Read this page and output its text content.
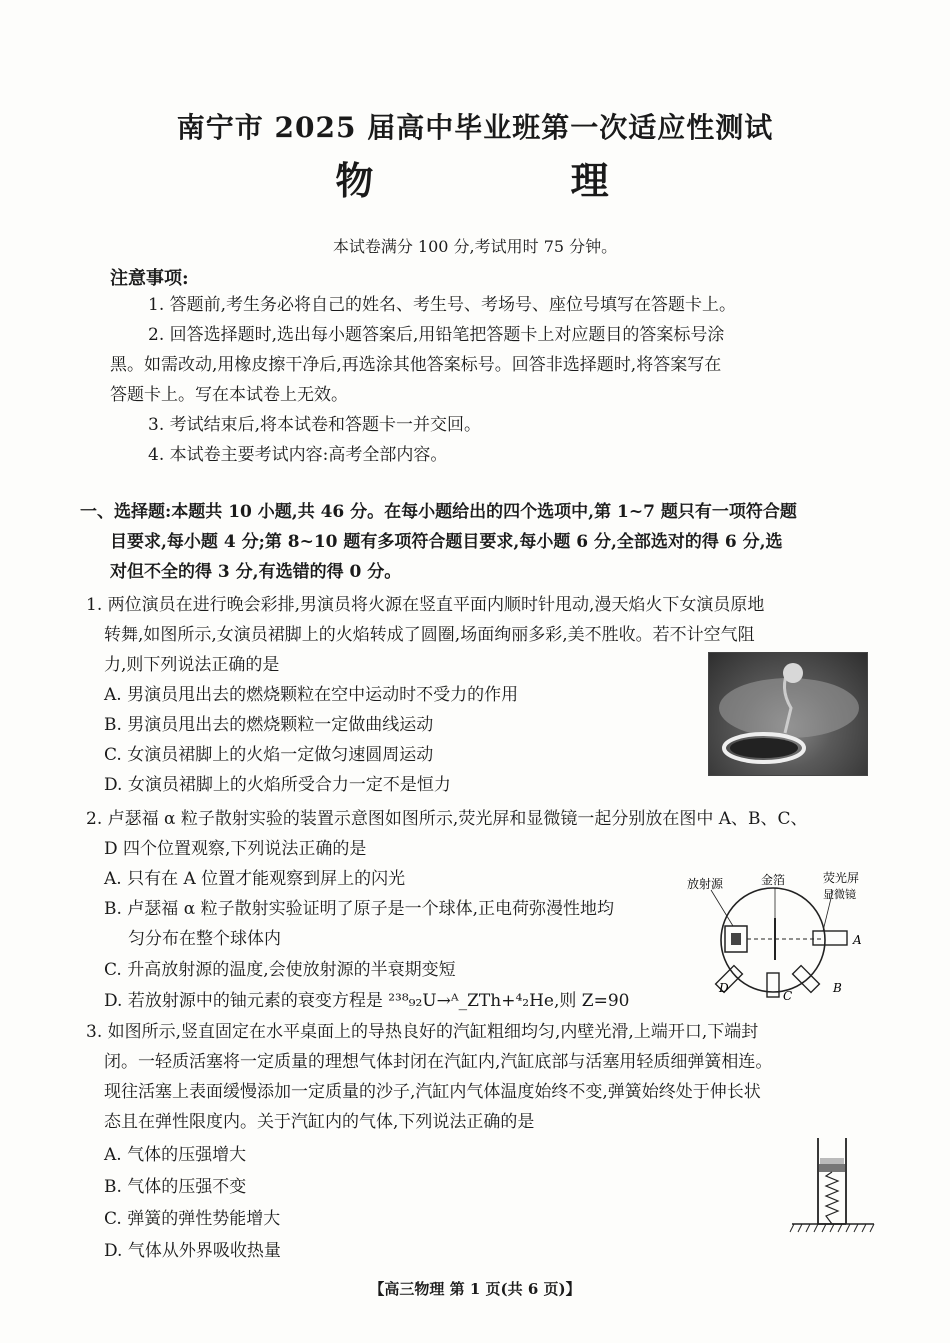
南宁市 2025 届高中毕业班第一次适应性测试
物 理
本试卷满分 100 分,考试用时 75 分钟。
注意事项:
1. 答题前,考生务必将自己的姓名、考生号、考场号、座位号填写在答题卡上。
2. 回答选择题时,选出每小题答案后,用铅笔把答题卡上对应题目的答案标号涂
黑。如需改动,用橡皮擦干净后,再选涂其他答案标号。回答非选择题时,将答案写在
答题卡上。写在本试卷上无效。
3. 考试结束后,将本试卷和答题卡一并交回。
4. 本试卷主要考试内容:高考全部内容。
一、选择题:本题共 10 小题,共 46 分。在每小题给出的四个选项中,第 1~7 题只有一项符合题
目要求,每小题 4 分;第 8~10 题有多项符合题目要求,每小题 6 分,全部选对的得 6 分,选
对但不全的得 3 分,有选错的得 0 分。
1. 两位演员在进行晚会彩排,男演员将火源在竖直平面内顺时针甩动,漫天焰火下女演员原地
转舞,如图所示,女演员裙脚上的火焰转成了圆圈,场面绚丽多彩,美不胜收。若不计空气阻
力,则下列说法正确的是
A. 男演员甩出去的燃烧颗粒在空中运动时不受力的作用
B. 男演员甩出去的燃烧颗粒一定做曲线运动
C. 女演员裙脚上的火焰一定做匀速圆周运动
D. 女演员裙脚上的火焰所受合力一定不是恒力
2. 卢瑟福 α 粒子散射实验的装置示意图如图所示,荧光屏和显微镜一起分别放在图中 A、B、C、
D 四个位置观察,下列说法正确的是
A. 只有在 A 位置才能观察到屏上的闪光
B. 卢瑟福 α 粒子散射实验证明了原子是一个球体,正电荷弥漫性地均
匀分布在整个球体内
C. 升高放射源的温度,会使放射源的半衰期变短
D. 若放射源中的铀元素的衰变方程是 ²³⁸₉₂U→ᴬ_ZTh+⁴₂He,则 Z=90
放射源	金箔	荧光屏
显微镜
A
B
C
D
3. 如图所示,竖直固定在水平桌面上的导热良好的汽缸粗细均匀,内壁光滑,上端开口,下端封
闭。一轻质活塞将一定质量的理想气体封闭在汽缸内,汽缸底部与活塞用轻质细弹簧相连。
现往活塞上表面缓慢添加一定质量的沙子,汽缸内气体温度始终不变,弹簧始终处于伸长状
态且在弹性限度内。关于汽缸内的气体,下列说法正确的是
A. 气体的压强增大
B. 气体的压强不变
C. 弹簧的弹性势能增大
D. 气体从外界吸收热量
【高三物理 第 1 页(共 6 页)】
